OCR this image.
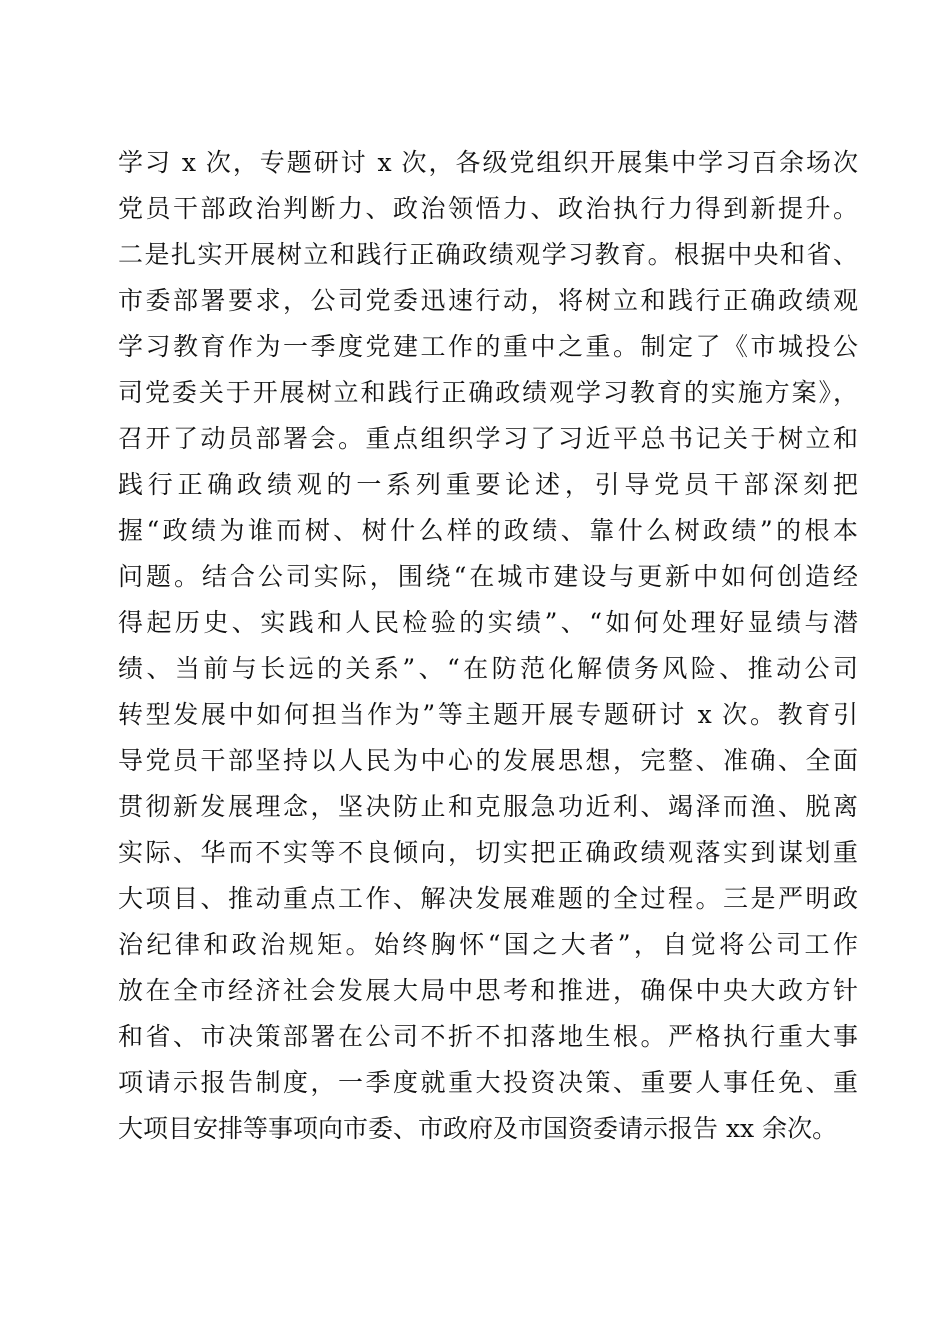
学习 x 次，专题研讨 x 次，各级党组织开展集中学习百余场次
党员干部政治判断力、政治领悟力、政治执行力得到新提升。
二是扎实开展树立和践行正确政绩观学习教育。根据中央和省、
市委部署要求，公司党委迅速行动，将树立和践行正确政绩观
学习教育作为一季度党建工作的重中之重。制定了《市城投公
司党委关于开展树立和践行正确政绩观学习教育的实施方案》，
召开了动员部署会。重点组织学习了习近平总书记关于树立和
践行正确政绩观的一系列重要论述，引导党员干部深刻把
握“政绩为谁而树、树什么样的政绩、靠什么树政绩”的根本
问题。结合公司实际，围绕“在城市建设与更新中如何创造经
得起历史、实践和人民检验的实绩”、“如何处理好显绩与潜
绩、当前与长远的关系”、“在防范化解债务风险、推动公司
转型发展中如何担当作为”等主题开展专题研讨 x 次。教育引
导党员干部坚持以人民为中心的发展思想，完整、准确、全面
贯彻新发展理念，坚决防止和克服急功近利、竭泽而渔、脱离
实际、华而不实等不良倾向，切实把正确政绩观落实到谋划重
大项目、推动重点工作、解决发展难题的全过程。三是严明政
治纪律和政治规矩。始终胸怀“国之大者”，自觉将公司工作
放在全市经济社会发展大局中思考和推进，确保中央大政方针
和省、市决策部署在公司不折不扣落地生根。严格执行重大事
项请示报告制度，一季度就重大投资决策、重要人事任免、重
大项目安排等事项向市委、市政府及市国资委请示报告 xx 余次。
